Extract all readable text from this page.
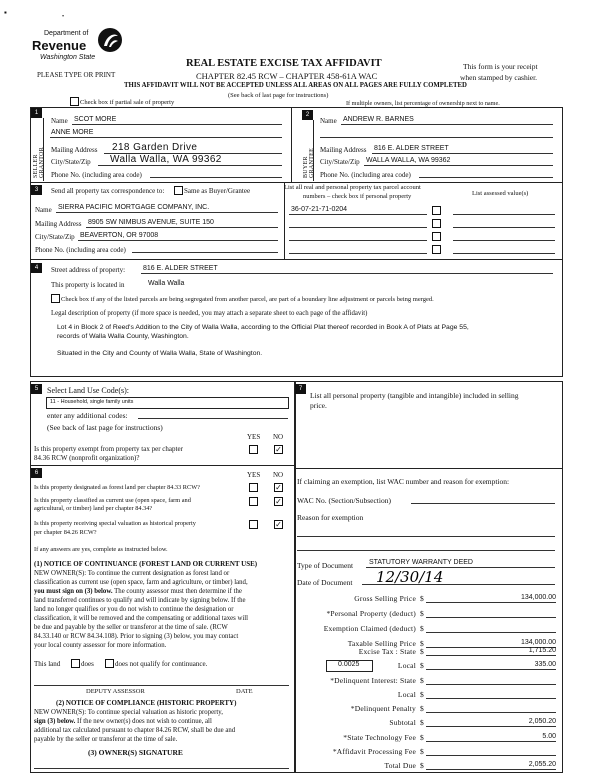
▪	•
Department of
Revenue
Washington State
PLEASE TYPE OR PRINT
REAL ESTATE EXCISE TAX AFFIDAVIT
CHAPTER 82.45 RCW – CHAPTER 458-61A WAC
THIS AFFIDAVIT WILL NOT BE ACCEPTED UNLESS ALL AREAS ON ALL PAGES ARE FULLY COMPLETED
(See back of last page for instructions)
This form is your receipt
when stamped by cashier.
Check box if partial sale of property	If multiple owners, list percentage of ownership next to name.
1
SELLER GRANTOR
Name SCOT MORE
ANNE MORE
Mailing Address 218 Garden Drive
City/State/Zip Walla Walla, WA 99362
Phone No. (including area code)
2
BUYER GRANTEE
Name ANDREW R. BARNES
Mailing Address 816 E. ALDER STREET
City/State/Zip WALLA WALLA, WA 99362
Phone No. (including area code)
3	Send all property tax correspondence to:	Same as Buyer/Grantee
Name SIERRA PACIFIC MORTGAGE COMPANY, INC.
Mailing Address 8905 SW NIMBUS AVENUE, SUITE 150
City/State/Zip BEAVERTON, OR 97008
Phone No. (including area code)
List all real and personal property tax parcel account
numbers – check box if personal property	List assessed value(s)
36-07-21-71-0204
4	Street address of property:	816 E. ALDER STREET
This property is located in	Walla Walla
Check box if any of the listed parcels are being segregated from another parcel, are part of a boundary line adjustment or parcels being merged.
Legal description of property (if more space is needed, you may attach a separate sheet to each page of the affidavit)
Lot 4 in Block 2 of Reed's Addition to the City of Walla Walla, according to the Official Plat thereof recorded in Book A of Plats at Page 55,
records of Walla Walla County, Washington.
Situated in the City and County of Walla Walla, State of Washington.
5	Select Land Use Code(s):
11 - Household, single family units
enter any additional codes:
(See back of last page for instructions)
YES NO
Is this property exempt from property tax per chapter
84.36 RCW (nonprofit organization)?
✓
6	YES NO
Is this property designated as forest land per chapter 84.33 RCW?	✓
Is this property classified as current use (open space, farm and
agricultural, or timber) land per chapter 84.34?
✓
Is this property receiving special valuation as historical property
per chapter 84.26 RCW?
✓
If any answers are yes, complete as instructed below.
(1) NOTICE OF CONTINUANCE (FOREST LAND OR CURRENT USE)
NEW OWNER(S): To continue the current designation as forest land or
classification as current use (open space, farm and agriculture, or timber) land,
you must sign on (3) below. The county assessor must then determine if the
land transferred continues to qualify and will indicate by signing below. If the
land no longer qualifies or you do not wish to continue the designation or
classification, it will be removed and the compensating or additional taxes will
be due and payable by the seller or transferor at the time of sale. (RCW
84.33.140 or RCW 84.34.108). Prior to signing (3) below, you may contact
your local county assessor for more information.
This land	does	does not qualify for continuance.
DEPUTY ASSESSOR	DATE
(2) NOTICE OF COMPLIANCE (HISTORIC PROPERTY)
NEW OWNER(S): To continue special valuation as historic property,
sign (3) below. If the new owner(s) does not wish to continue, all
additional tax calculated pursuant to chapter 84.26 RCW, shall be due and
payable by the seller or transferor at the time of sale.
(3) OWNER(S) SIGNATURE
7
List all personal property (tangible and intangible) included in selling
price.
If claiming an exemption, list WAC number and reason for exemption:
WAC No. (Section/Subsection)
Reason for exemption
Type of Document STATUTORY WARRANTY DEED
Date of Document 12/30/14
Gross Selling Price $	134,000.00
*Personal Property (deduct) $
Exemption Claimed (deduct) $
Taxable Selling Price $	134,000.00
Excise Tax : State $	1,715.20
Local $	335.00
*Delinquent Interest: State $
Local $
*Delinquent Penalty $
Subtotal $	2,050.20
*State Technology Fee $	5.00
*Affidavit Processing Fee $
Total Due $	2,055.20
0.0025
